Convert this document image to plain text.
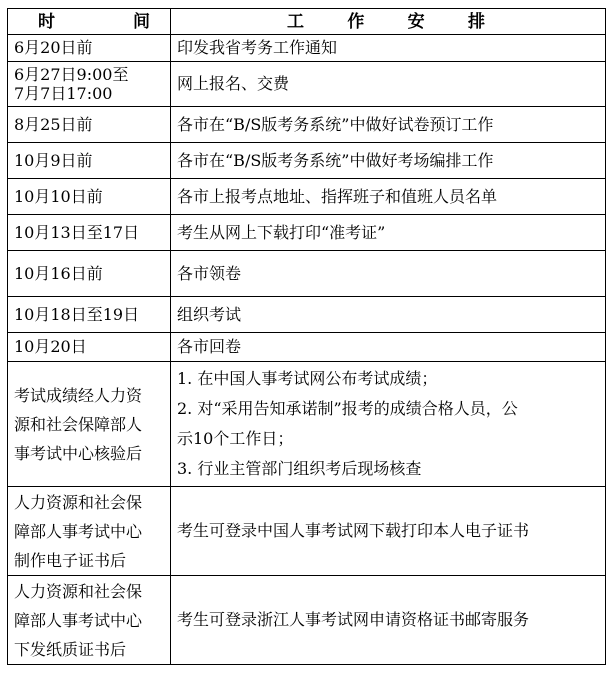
时 间	工 作 安 排

6月20日前	印发我省考务工作通知

6月27日9:00至
7月7日17:00	网上报名、交费

8月25日前	各市在“B/S版考务系统”中做好试卷预订工作

10月9日前	各市在“B/S版考务系统”中做好考场编排工作

10月10日前	各市上报考点地址、指挥班子和值班人员名单

10月13日至17日	考生从网上下载打印“准考证”

10月16日前	各市领卷

10月18日至19日	组织考试

10月20日	各市回卷

考试成绩经人力资
源和社会保障部人
事考试中心核验后	1. 在中国人事考试网公布考试成绩；
2. 对“采用告知承诺制”报考的成绩合格人员，公
示10个工作日；
3. 行业主管部门组织考后现场核查

人力资源和社会保
障部人事考试中心
制作电子证书后	考生可登录中国人事考试网下载打印本人电子证书

人力资源和社会保
障部人事考试中心
下发纸质证书后	考生可登录浙江人事考试网申请资格证书邮寄服务
